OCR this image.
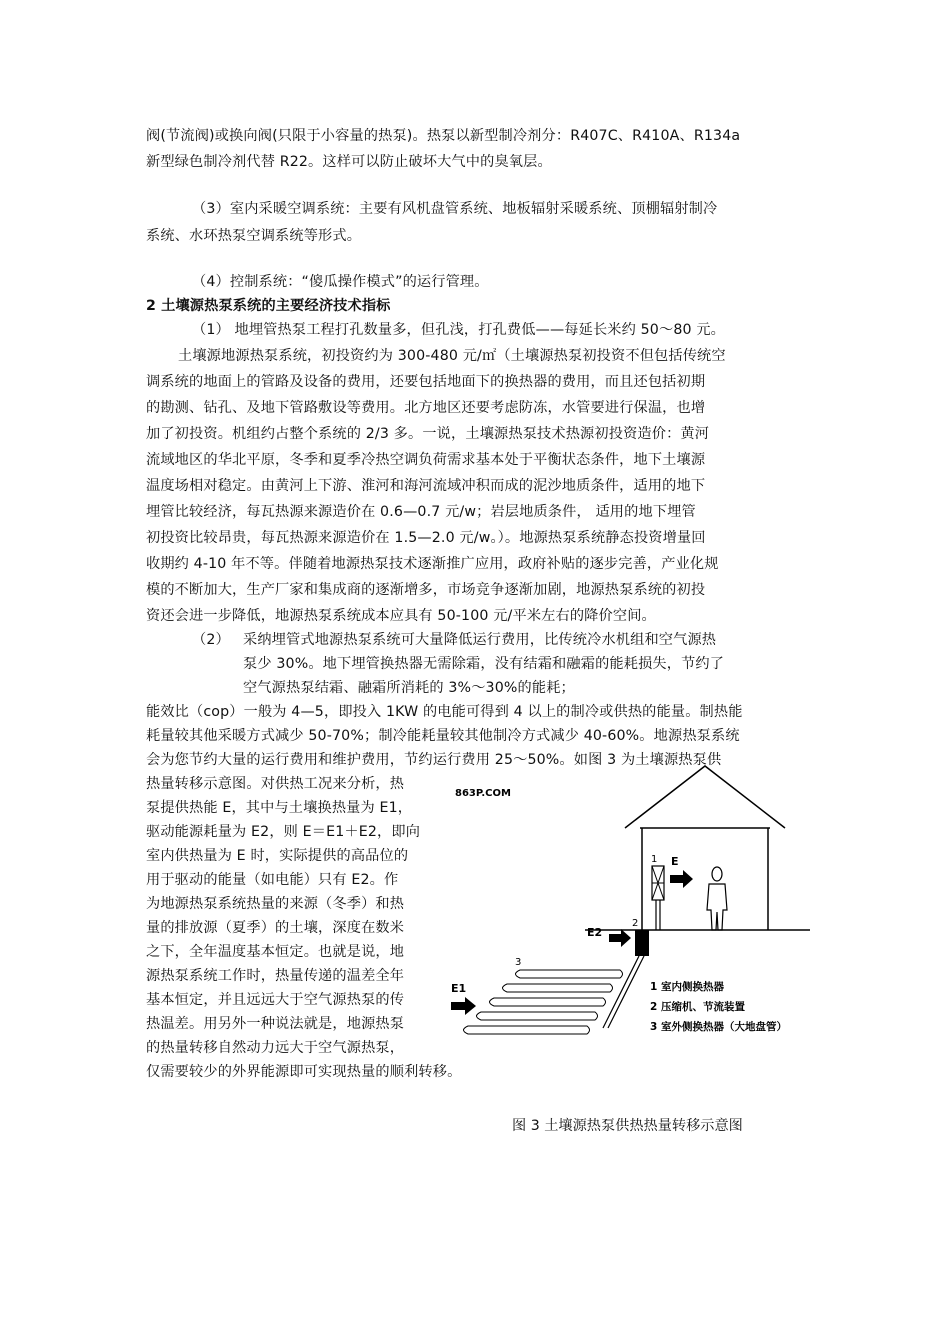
阀(节流阀)或换向阀(只限于小容量的热泵)。热泵以新型制冷剂分：R407C、R410A、R134a
新型绿色制冷剂代替 R22。这样可以防止破坏大气中的臭氧层。
（3）室内采暖空调系统：主要有风机盘管系统、地板辐射采暖系统、顶棚辐射制冷
系统、水环热泵空调系统等形式。
（4）控制系统：“傻瓜操作模式”的运行管理。
2 土壤源热泵系统的主要经济技术指标
（1） 地埋管热泵工程打孔数量多，但孔浅，打孔费低——每延长米约 50～80 元。
土壤源地源热泵系统，初投资约为 300-480 元/㎡（土壤源热泵初投资不但包括传统空
调系统的地面上的管路及设备的费用，还要包括地面下的换热器的费用，而且还包括初期
的勘测、钻孔、及地下管路敷设等费用。北方地区还要考虑防冻，水管要进行保温，也增
加了初投资。机组约占整个系统的 2/3 多。一说，土壤源热泵技术热源初投资造价：黄河
流域地区的华北平原，冬季和夏季冷热空调负荷需求基本处于平衡状态条件，地下土壤源
温度场相对稳定。由黄河上下游、淮河和海河流域冲积而成的泥沙地质条件，适用的地下
埋管比较经济，每瓦热源来源造价在 0.6—0.7 元/w；岩层地质条件， 适用的地下埋管
初投资比较昂贵，每瓦热源来源造价在 1.5—2.0 元/w。）。地源热泵系统静态投资增量回
收期约 4-10 年不等。伴随着地源热泵技术逐渐推广应用，政府补贴的逐步完善，产业化规
模的不断加大，生产厂家和集成商的逐渐增多，市场竞争逐渐加剧，地源热泵系统的初投
资还会进一步降低，地源热泵系统成本应具有 50-100 元/平米左右的降价空间。
（2） 采纳埋管式地源热泵系统可大量降低运行费用，比传统冷水机组和空气源热
泵少 30%。地下埋管换热器无需除霜，没有结霜和融霜的能耗损失，节约了
空气源热泵结霜、融霜所消耗的 3%～30%的能耗；
能效比（cop）一般为 4—5，即投入 1KW 的电能可得到 4 以上的制冷或供热的能量。制热能
耗量较其他采暖方式减少 50-70%；制冷能耗量较其他制冷方式减少 40-60%。地源热泵系统
会为您节约大量的运行费用和维护费用，节约运行费用 25～50%。如图 3 为土壤源热泵供
热量转移示意图。对供热工况来分析，热
泵提供热能 E，其中与土壤换热量为 E1，
驱动能源耗量为 E2，则 E＝E1＋E2，即向
室内供热量为 E 时，实际提供的高品位的
用于驱动的能量（如电能）只有 E2。作
为地源热泵系统热量的来源（冬季）和热
量的排放源（夏季）的土壤，深度在数米
之下，全年温度基本恒定。也就是说，地
源热泵系统工作时，热量传递的温差全年
基本恒定，并且远远大于空气源热泵的传
热温差。用另外一种说法就是，地源热泵
的热量转移自然动力远大于空气源热泵，
仅需要较少的外界能源即可实现热量的顺利转移。
863P.COM
1 E
2
E2
3
E1	1 室内侧换热器
2 压缩机、节流装置
3 室外侧换热器（大地盘管）
图 3 土壤源热泵供热热量转移示意图
